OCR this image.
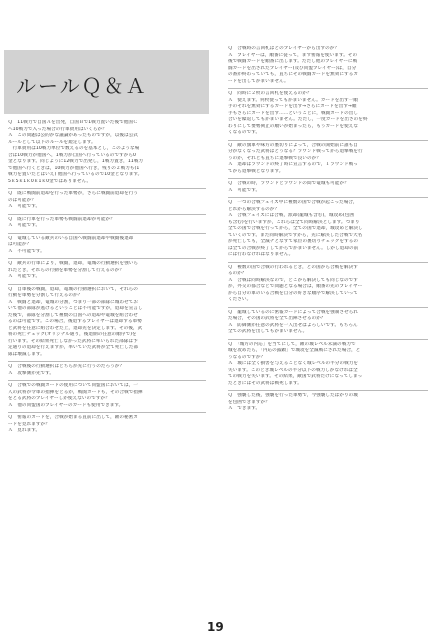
ルールＱ＆Ａ
Ｑ　11戦力で自国Ａを出発，自国Ｂで1戦力置いた後で他国Ｃ
へ10戦力で入った場合の行軍費用はいくらか？
Ａ　この問題は公的かな議論があったものですが，以後は公式
ルールとして以下のルールを規定します。
　行軍費用は10戦力単位で数えるのを基本とし，このような場
合は10戦力が他国へ，1戦力が自国へ行っているのですから0
金となります。同じように12戦力で出発し，1戦力置き，11戦力
で他国へ行くときは，10戦力が他国へ行き，残りの２戦力も(1
戦力を置いたとはいえ) 他国へ行っているので10金となります。
5ｋ5ｋ1ｋ0ｋ1ｋ0金ではありません。
Ｑ　既に戦闘前退却を行った軍勢が，さらに戦闘前退却を行う
のは可能か？
Ａ　可能です。
Ｑ　既に行軍を行った軍勢も戦闘前退却が可能か？
Ａ　可能です。
Ｑ　篭城している敵兵のいる自国へ戦闘前退却や戦闘後退却
は可能か？
Ａ　不可能です。
Ｑ　敵兵の行軍により，戦闘，退却，篭城の行動選択を強いら
れたとき，それらの行動を軍勢を分割して行えるのか？
Ａ　可能です。
Ｑ　自軍後の戦闘，退却，篭城の行動選択において，それらの
行動を軍勢を分割して行えるのか？
Ａ　戦闘と退却，篭城の分割，つまり一部の部隊に城わせてお
いて他の部隊が逃げるということは不可能ですが，退却を宣言し
た後で，部隊を分割して複数の自国への退却や篭城を組合わせ
るのは可能です。この場合，後退するプレイヤーは退却する軍勢
と武将を任意に組合わせた上，退却先を決定します。その後，武
将の死亡チェック(オリジナル通り，後退側の任意の順序で)を
行います。その結果死亡しなかった武将に率いられた部隊は予
定通りの退却を行えますが，率いていた武将が全て死亡した部
隊は壊滅します。
Ｑ　合戦後の行動選択はどちらが先に行うのだろうか？
Ａ　攻撃側が先です。
Ｑ　合戦での戦闘カードの使用について同盟国においては，一
人の武将が令軍の指揮をとるが，戦闘カードも，その合戦で指揮
をとる武将のプレイヤーしか使えないのですか？
Ａ　他の同盟国のプレイヤーのカードも使用できます。
Ｑ　密報のカードを，合戦が始まる直前に出して，敵の秘密カ
ードを見れますか？
Ａ　見れます。
Ｑ　合戦時の言回札はどのプレイヤーから出すのか？
Ａ　プレイヤーは，順番に従って，まず密報を使います。その
後で戦闘カードを順番に出します。ただし他のプレイヤーに戦
闘カードを出されたプレイヤー(及び同盟プレイヤー)は，自分
の番が終わっていても，直ちにその戦闘カードを無効にするカ
ードを出してかまいません。
Ｑ　同時に２枚の言回札を使えるのか？
Ａ　使えます。何枚使ってもかまいません。カードを出す一順
手のそれを無効にするカードを出す→さらにカードを出す→順
手もさらにカードを出す……ということに，戦闘カードの出し
合いを繰返してもかまいません。ただし，一度カードを出さのを終
わりにして要勢関止の順いが始まったら，もうカードを使えな
くなるのです。
Ｑ　敵の旗軍や味方の裏切りによって，合戦の開始前に誰も自
分がなくなった武将はどうなる？ラウンド戦ってから退撃戦を行
うのか，それとも直ちに退撃戦で良いのか？
Ａ　退却はラウンドの終了時に宣言するので，１ラウンド戦っ
てから退撃戦となります。
Ｑ　合戦の時，ラウンドとラウンドの間で篭城も可能か？
Ａ　可能です。
Ｑ　一つの合戦フェイズ中に複数の国で合戦が起こった場合，
どれから解決するのか？
Ａ　合戦フェイズには合戦，派却(籠城も含む)，城攻め(包囲
も含む)を行いますが，これらは全て同時解決とします。つまり
全ての国で合戦を行ってから，全ての国で退却，城攻めと解決し
ていくのです。また同時解決ですから，先に解決した合戦で大名
が死亡しても，全滅ナとなすて家臣の裏切りチェックをするの
は全ての合戦が終了してからでかまいません。しかし退却の前
には行わなければなりません。
Ｑ　複数の国で合戦の行われるとき，どの国から合戦を解決す
るのか？
Ａ　合戦は同時解決なので，どこから解決しても同じなのです
が，外交の都合などで問題となる場合は，順番の先のプレイヤー
から自分の軍のいる合戦を自分の好きな順序で解決していって
ください。
Ｑ　籠城しているのに密報カードによって合戦を強制させられ
た場合，その国の武将を全て出陣させるのか？
Ａ　防御側が任意の武将を一人出せばよろしいです。もちろん
全ての武将を出してもかまいません。
Ｑ　「城方の内応」を当てにして，敵の城レベル未満の戦力で
城を攻めたら，「内応の露顕」で城攻を全滅戦にされた場合，ど
うなるのですか？
Ａ　城には全く損害を与えることなく城レベルの半分の戦力を
失います。このとき城レベルの半分以下の戦力しかなければ全
ての戦力を失います。その結果，敵国で武将だけになってしまっ
たときにはその武将は戦死します。
Ｑ　強襲した後，強襲を行った軍勢で，今強襲したばかりの城
を包囲できますか？
Ａ　できます。
19
